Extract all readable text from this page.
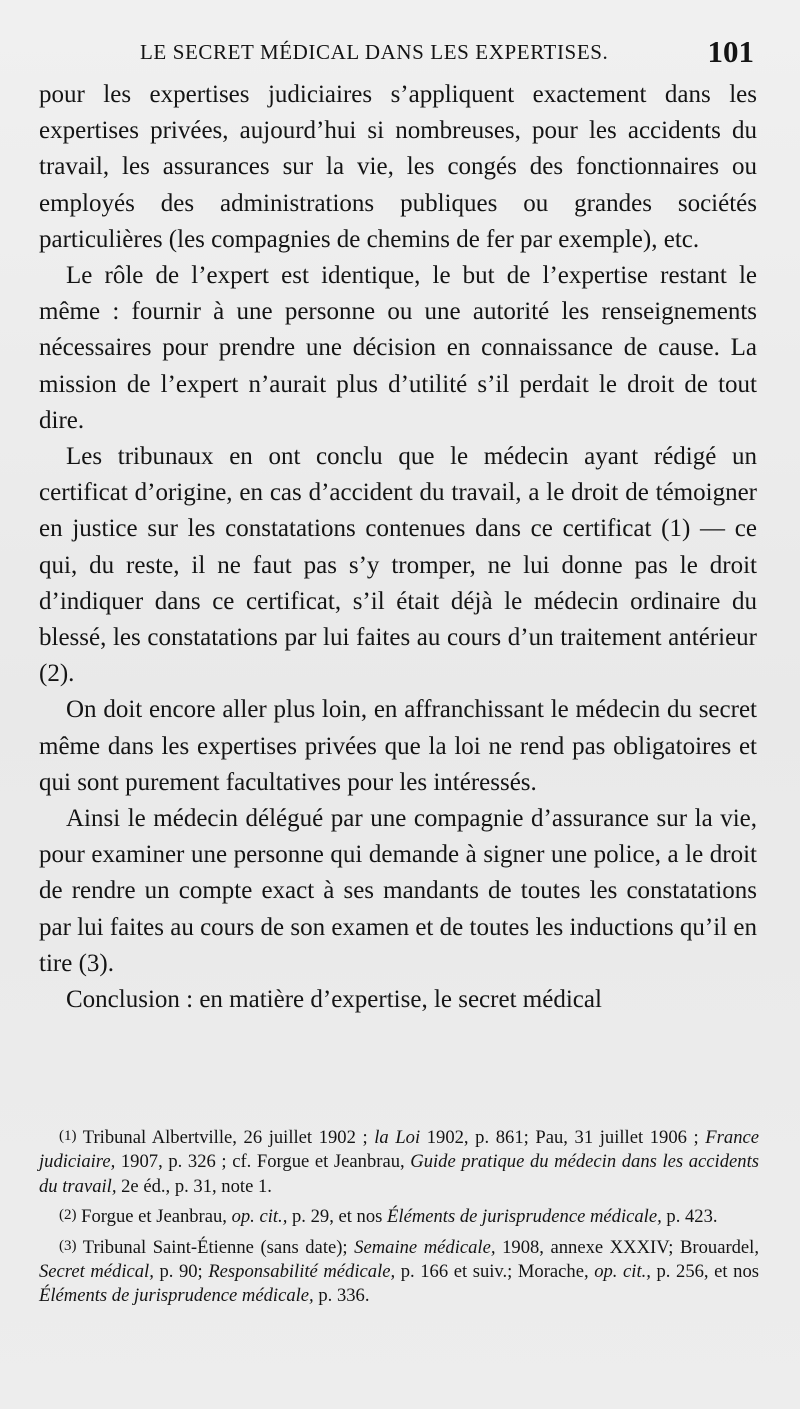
LE SECRET MÉDICAL DANS LES EXPERTISES.	101

pour les expertises judiciaires s’appliquent exactement dans les expertises privées, aujourd’hui si nombreuses, pour les accidents du travail, les assurances sur la vie, les congés des fonctionnaires ou employés des administrations publiques ou grandes sociétés particulières (les compagnies de chemins de fer par exemple), etc.

Le rôle de l’expert est identique, le but de l’expertise restant le même : fournir à une personne ou une autorité les renseignements nécessaires pour prendre une décision en connaissance de cause. La mission de l’expert n’aurait plus d’utilité s’il perdait le droit de tout dire.

Les tribunaux en ont conclu que le médecin ayant rédigé un certificat d’origine, en cas d’accident du travail, a le droit de témoigner en justice sur les constatations contenues dans ce certificat (1) — ce qui, du reste, il ne faut pas s’y tromper, ne lui donne pas le droit d’indiquer dans ce certificat, s’il était déjà le médecin ordinaire du blessé, les constatations par lui faites au cours d’un traitement antérieur (2).

On doit encore aller plus loin, en affranchissant le médecin du secret même dans les expertises privées que la loi ne rend pas obligatoires et qui sont purement facultatives pour les intéressés.

Ainsi le médecin délégué par une compagnie d’assurance sur la vie, pour examiner une personne qui demande à signer une police, a le droit de rendre un compte exact à ses mandants de toutes les constatations par lui faites au cours de son examen et de toutes les inductions qu’il en tire (3).

Conclusion : en matière d’expertise, le secret médical

(1) Tribunal Albertville, 26 juillet 1902 ; la Loi 1902, p. 861; Pau, 31 juillet 1906 ; France judiciaire, 1907, p. 326 ; cf. Forgue et Jeanbrau, Guide pratique du médecin dans les accidents du travail, 2e éd., p. 31, note 1.

(2) Forgue et Jeanbrau, op. cit., p. 29, et nos Éléments de jurisprudence médicale, p. 423.

(3) Tribunal Saint-Étienne (sans date); Semaine médicale, 1908, annexe XXXIV; Brouardel, Secret médical, p. 90; Responsabilité médicale, p. 166 et suiv.; Morache, op. cit., p. 256, et nos Éléments de jurisprudence médicale, p. 336.
